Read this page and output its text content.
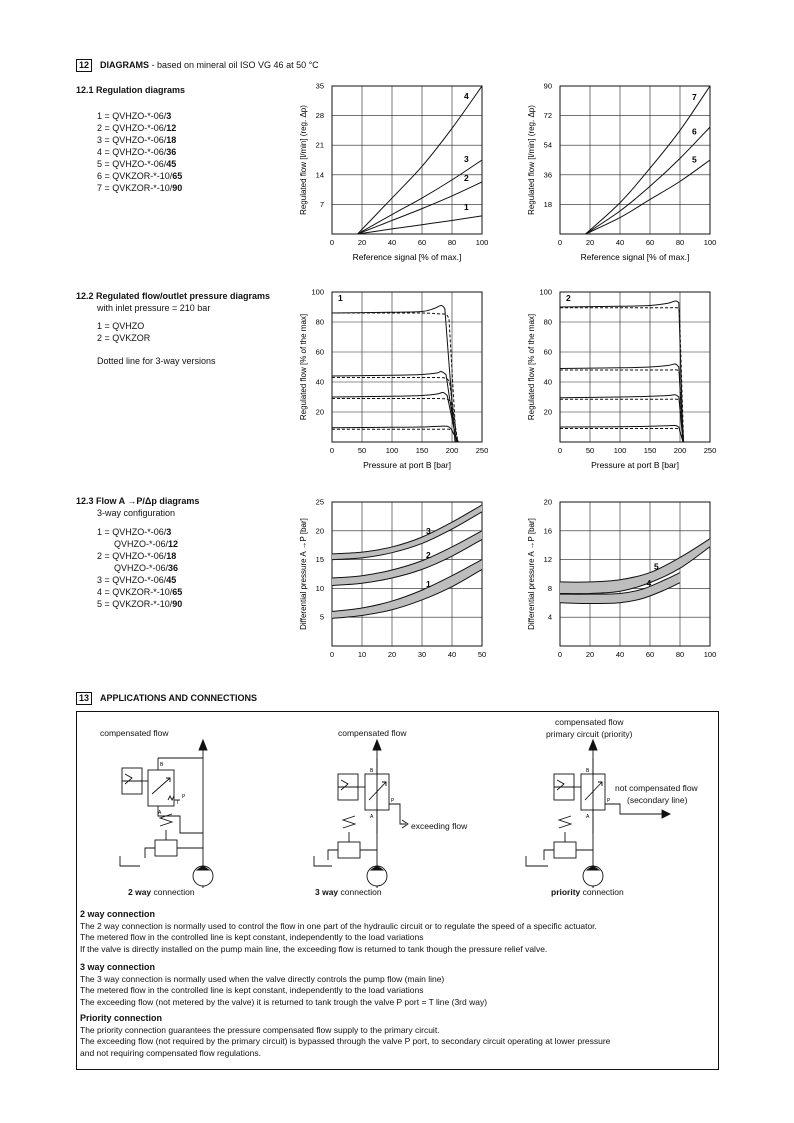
12	DIAGRAMS - based on mineral oil ISO VG 46 at 50 °C
12.1 Regulation diagrams
1 = QVHZO-*-06/3
2 = QVHZO-*-06/12
3 = QVHZO-*-06/18
4 = QVHZO-*-06/36
5 = QVHZO-*-06/45
6 = QVKZOR-*-10/65
7 = QVKZOR-*-10/90
12.2 Regulated flow/outlet pressure diagrams
with inlet pressure = 210 bar
1 = QVHZO
2 = QVKZOR
Dotted line for 3-way versions
12.3 Flow A →P/Δp diagrams
3-way configuration
1 = QVHZO-*-06/3
QVHZO-*-06/12
2 = QVHZO-*-06/18
QVHZO-*-06/36
3 = QVHZO-*-06/45
4 = QVKZOR-*-10/65
5 = QVKZOR-*-10/90
0	20	40	60	80	100
7
14
21
28
35
Reference signal [% of max.]
Regulated flow [l/min] (reg. Δp)	1
2
3
4
0	20	40	60	80	100
18
36
54
72
90
Reference signal [% of max.]
Regulated flow [l/min] (reg. Δp)	5
6
7
0	50	100 150 200 250
20
40
60
80
100
Pressure at port B [bar]
Regulated flow [% of the max]
1
0	50	100 150 200 250
20
40
60
80
100
Pressure at port B [bar]
Regulated flow [% of the max]
2
0	10	20	30	40	50
5
10
15
20
25
Differential pressure A →P [bar]	1
2
3
0	20	40	60	80	100
4
8
12
16
20
Differential pressure A →P [bar]	4
5
13	APPLICATIONS AND CONNECTIONS
compensated flow	compensated flow
compensated flow
primary circuit (priority)
exceeding flow
not compensated flow
(secondary line)
2 way connection	3 way connection	priority connection
B
A
P
T
B
A
P
B
A
P
2 way connection
The 2 way connection is normally used to control the flow in one part of the hydraulic circuit or to regulate the speed of a specific actuator.
The metered flow in the controlled line is kept constant, independently to the load variations
If the valve is directly installed on the pump main line, the exceeding flow is returned to tank though the pressure relief valve.
3 way connection
The 3 way connection is normally used when the valve directly controls the pump flow (main line)
The metered flow in the controlled line is kept constant, independently to the load variations
The exceeding flow (not metered by the valve) it is returned to tank trough the valve P port = T line (3rd way)
Priority connection
The priority connection guarantees the pressure compensated flow supply to the primary circuit.
The exceeding flow (not required by the primary circuit) is bypassed through the valve P port, to secondary circuit operating at lower pressure
and not requiring compensated flow regulations.
